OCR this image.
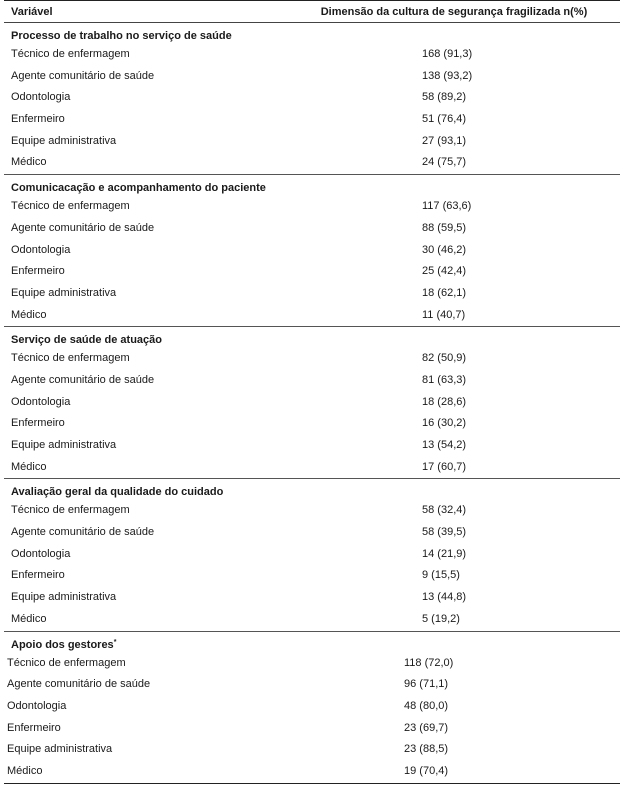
Variável	Dimensão da cultura de segurança fragilizada n(%)
Processo de trabalho no serviço de saúde
Técnico de enfermagem	168 (91,3)
Agente comunitário de saúde	138 (93,2)
Odontologia	58 (89,2)
Enfermeiro	51 (76,4)
Equipe administrativa	27 (93,1)
Médico	24 (75,7)
Comunicacação e acompanhamento do paciente
Técnico de enfermagem	117 (63,6)
Agente comunitário de saúde	88 (59,5)
Odontologia	30 (46,2)
Enfermeiro	25 (42,4)
Equipe administrativa	18 (62,1)
Médico	11 (40,7)
Serviço de saúde de atuação
Técnico de enfermagem	82 (50,9)
Agente comunitário de saúde	81 (63,3)
Odontologia	18 (28,6)
Enfermeiro	16 (30,2)
Equipe administrativa	13 (54,2)
Médico	17 (60,7)
Avaliação geral da qualidade do cuidado
Técnico de enfermagem	58 (32,4)
Agente comunitário de saúde	58 (39,5)
Odontologia	14 (21,9)
Enfermeiro	9 (15,5)
Equipe administrativa	13 (44,8)
Médico	5 (19,2)
Apoio dos gestores*
Técnico de enfermagem	118 (72,0)
Agente comunitário de saúde	96 (71,1)
Odontologia	48 (80,0)
Enfermeiro	23 (69,7)
Equipe administrativa	23 (88,5)
Médico	19 (70,4)
